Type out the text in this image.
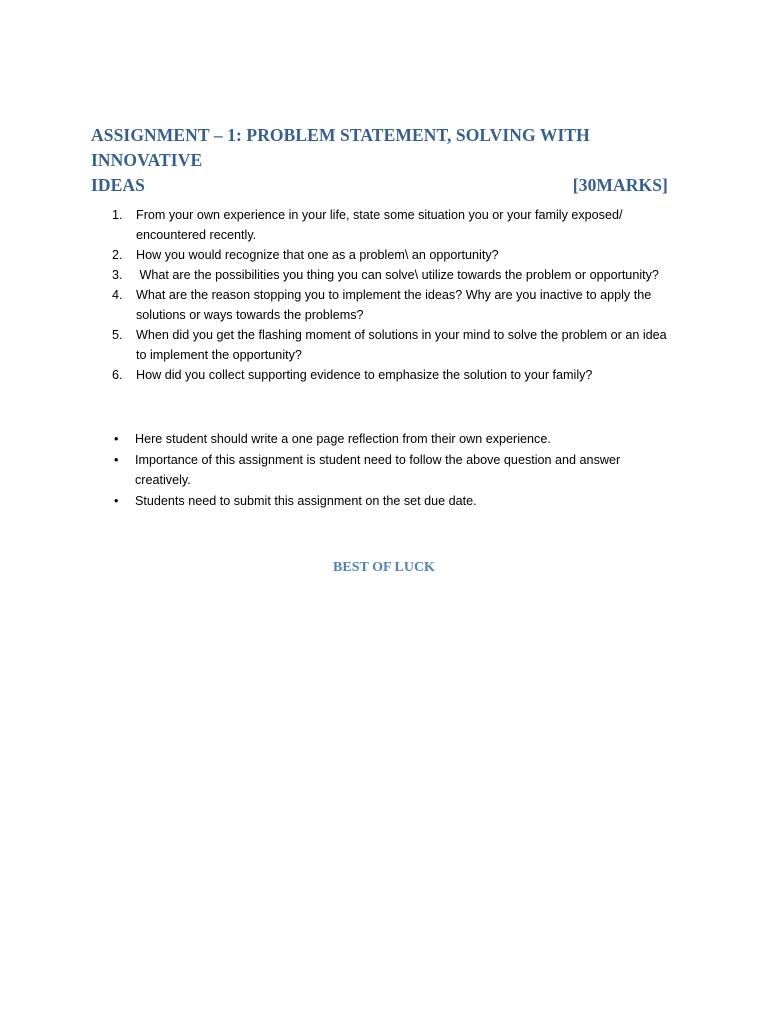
ASSIGNMENT – 1: PROBLEM STATEMENT, SOLVING WITH INNOVATIVE
IDEAS	[30MARKS]
1.	From your own experience in your life, state some situation you or your family exposed/
encountered recently.
2.	How you would recognize that one as a problem\ an opportunity?
3.	What are the possibilities you thing you can solve\ utilize towards the problem or opportunity?
4.	What are the reason stopping you to implement the ideas? Why are you inactive to apply the
solutions or ways towards the problems?
5.	When did you get the flashing moment of solutions in your mind to solve the problem or an idea
to implement the opportunity?
6.	How did you collect supporting evidence to emphasize the solution to your family?
• Here student should write a one page reflection from their own experience.
• Importance of this assignment is student need to follow the above question and answer
creatively.
• Students need to submit this assignment on the set due date.
BEST OF LUCK
